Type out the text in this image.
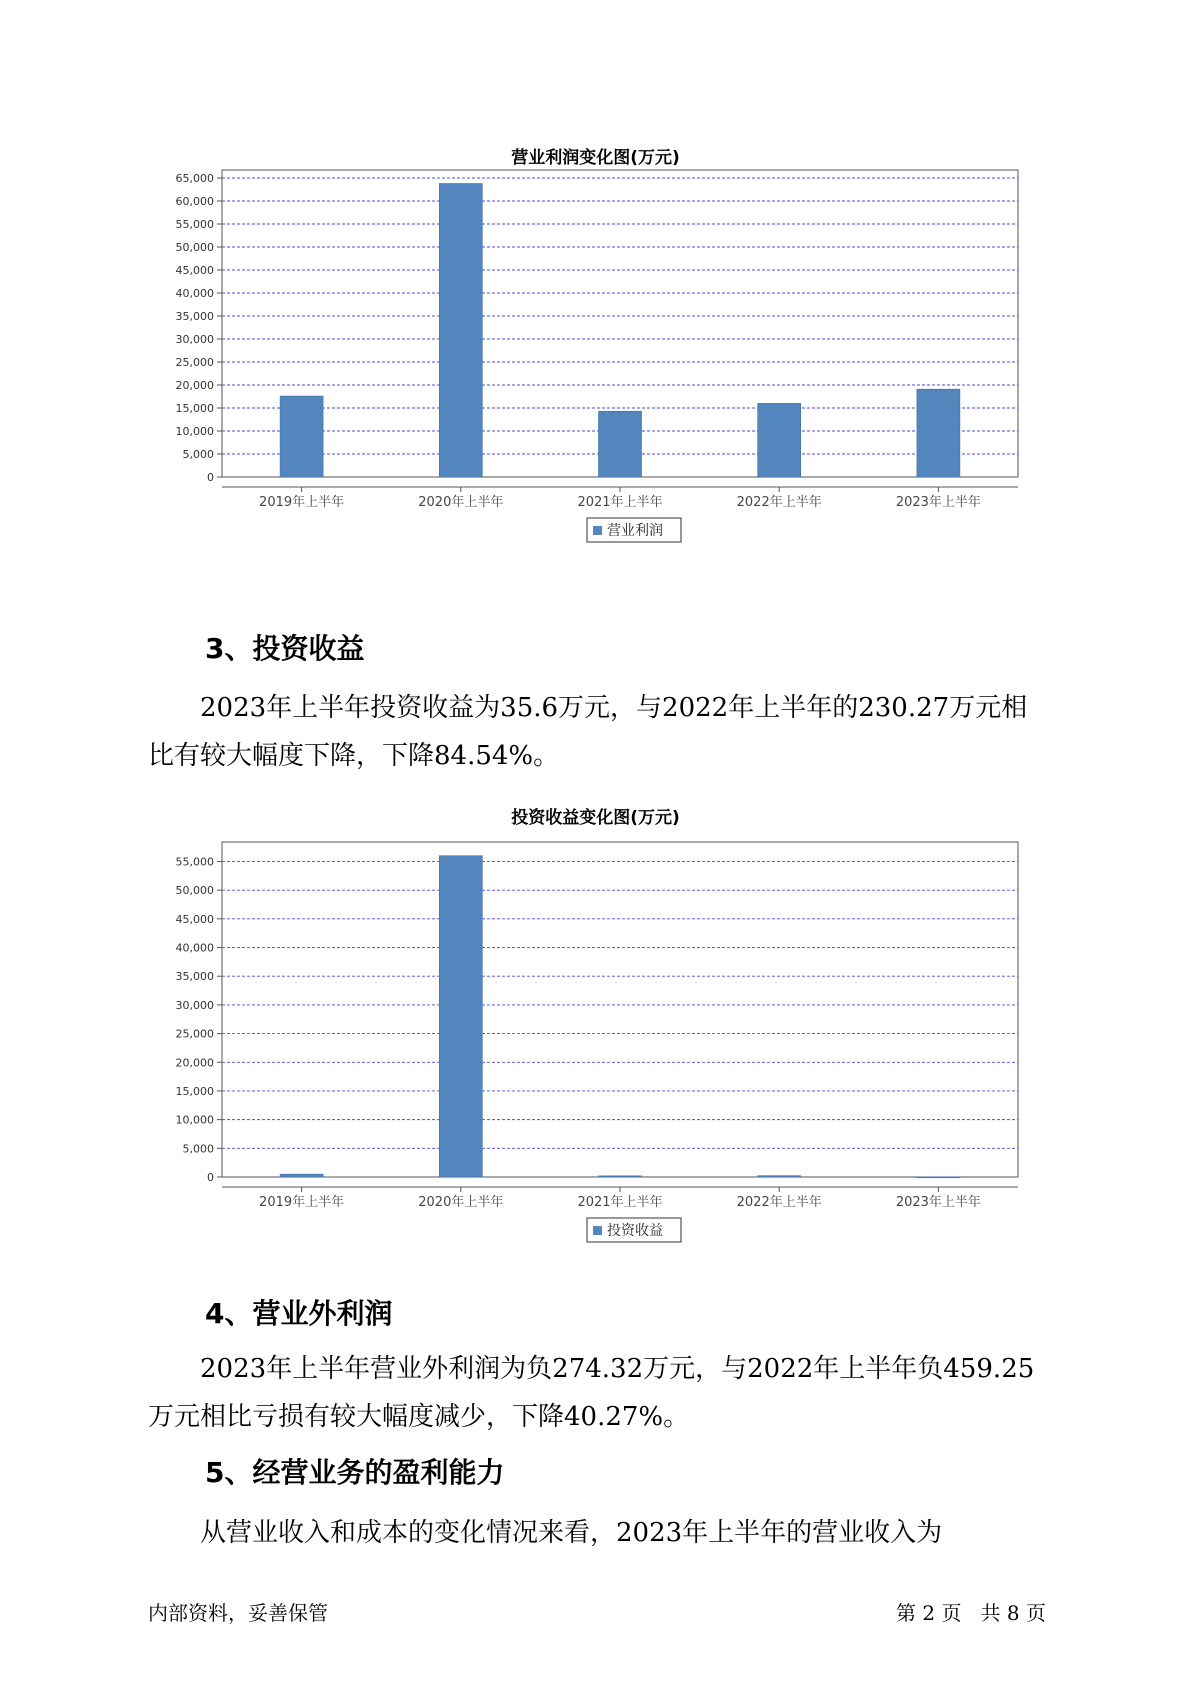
营业利润变化图(万元)
0
5,000
10,000
15,000
20,000
25,000
30,000
35,000
40,000
45,000
50,000
55,000
60,000
65,000
2019年上半年	2020年上半年	2021年上半年	2022年上半年	2023年上半年
营业利润
3、投资收益

2023年上半年投资收益为35.6万元，与2022年上半年的230.27万元相
比有较大幅度下降，下降84.54%。

投资收益变化图(万元)
0
5,000
10,000
15,000
20,000
25,000
30,000
35,000
40,000
45,000
50,000
55,000
2019年上半年	2020年上半年	2021年上半年	2022年上半年	2023年上半年
投资收益
4、营业外利润

2023年上半年营业外利润为负274.32万元，与2022年上半年负459.25
万元相比亏损有较大幅度减少，下降40.27%。

5、经营业务的盈利能力

从营业收入和成本的变化情况来看，2023年上半年的营业收入为

内部资料，妥善保管	第 2 页   共 8 页
